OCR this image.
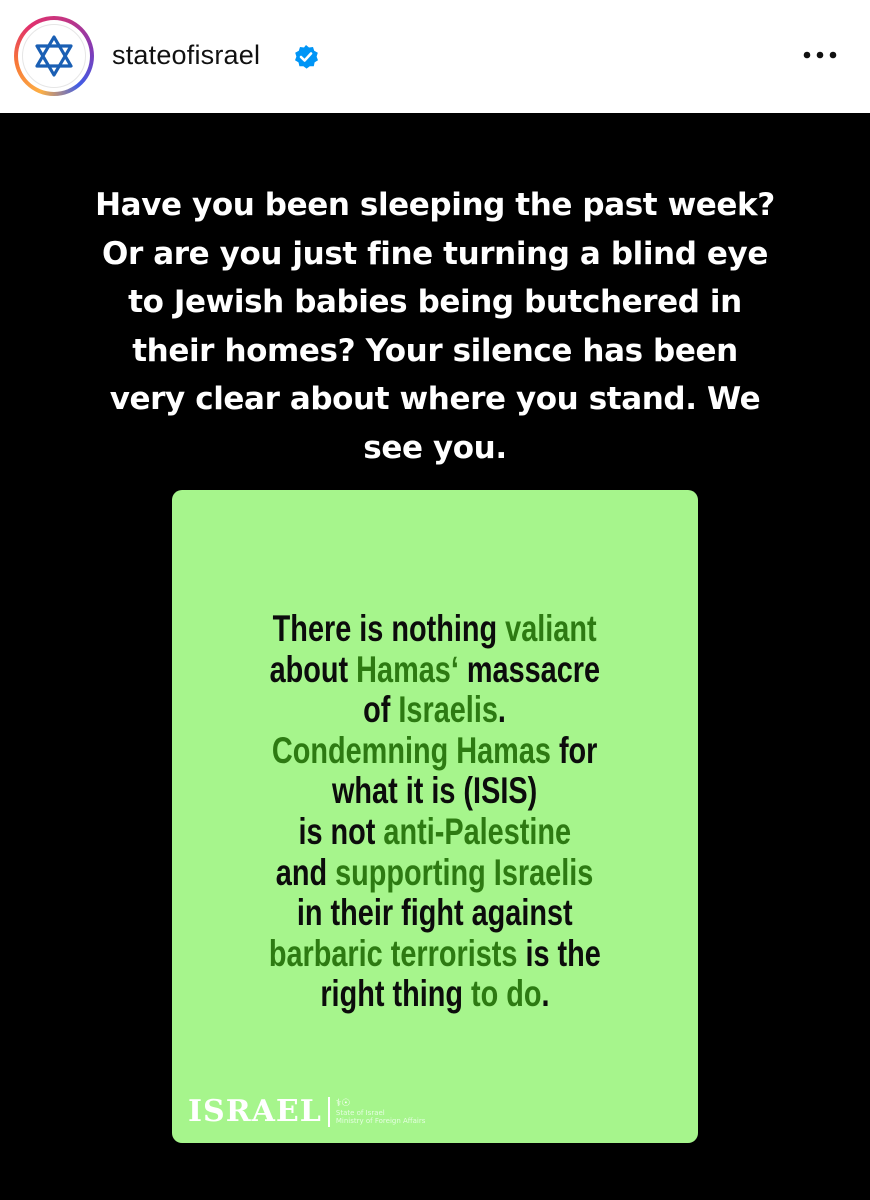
stateofisrael
Have you been sleeping the past week?
Or are you just fine turning a blind eye
to Jewish babies being butchered in
their homes? Your silence has been
very clear about where you stand. We
see you.
There is nothing valiant
about Hamas‘ massacre
of Israelis.
Condemning Hamas for
what it is (ISIS)
is not anti-Palestine
and supporting Israelis
in their fight against
barbaric terrorists is the
right thing to do.
ISRAEL ⚕☉
State of Israel
Ministry of Foreign Affairs
